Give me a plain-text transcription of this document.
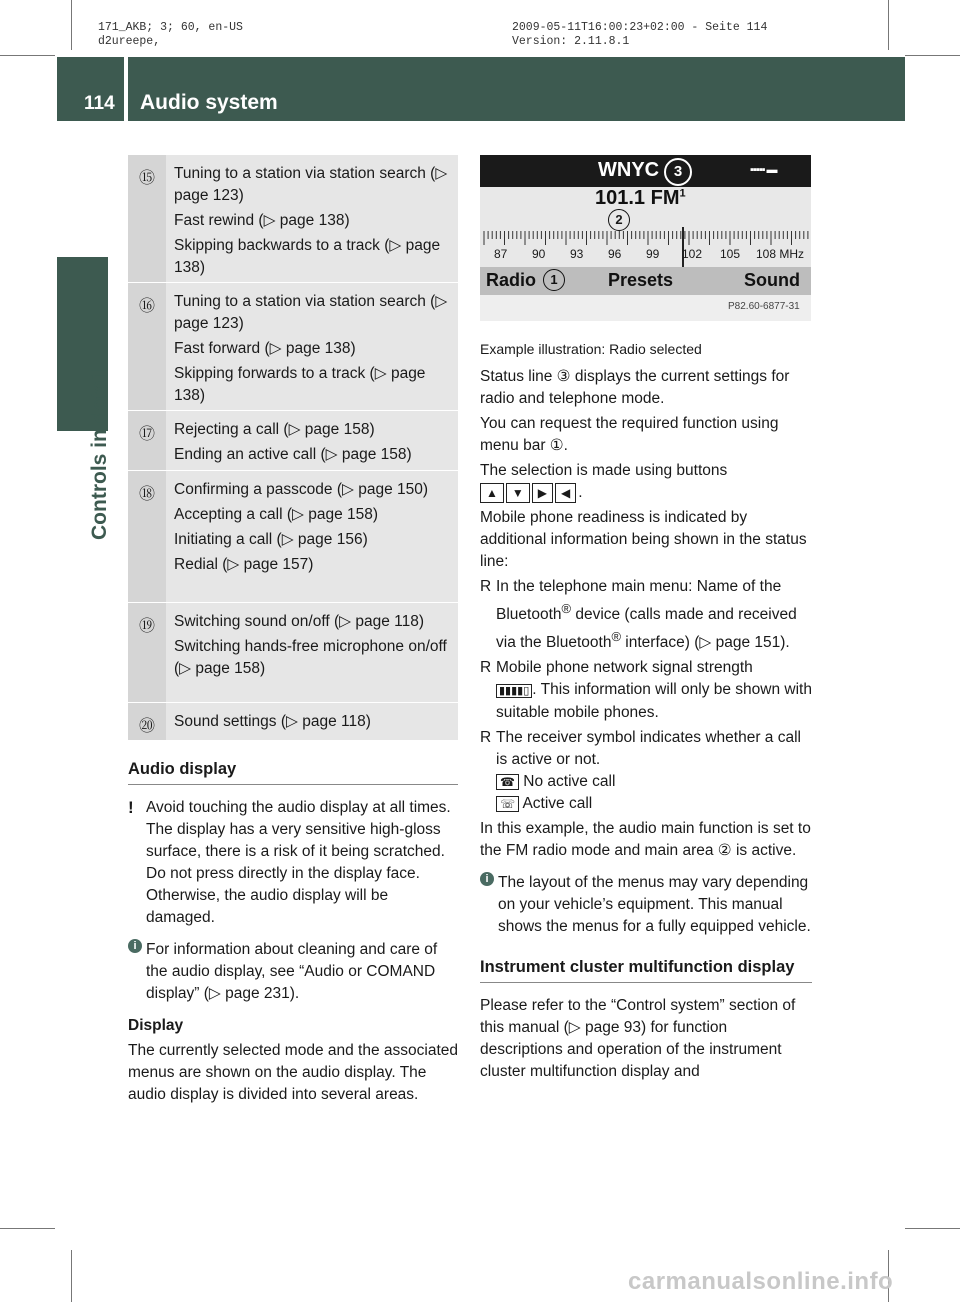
171_AKB; 3; 60, en-US
d2ureepe,
2009-05-11T16:00:23+02:00 - Seite 114
Version: 2.11.8.1
114 Audio system
Controls in detail
⑮	Tuning to a station via station search (▷ page 123)

Fast rewind (▷ page 138)

Skipping backwards to a track (▷ page 138)

⑯	Tuning to a station via station search (▷ page 123)

Fast forward (▷ page 138)

Skipping forwards to a track (▷ page 138)

⑰	Rejecting a call (▷ page 158)

Ending an active call (▷ page 158)

⑱	Confirming a passcode (▷ page 150)

Accepting a call (▷ page 158)

Initiating a call (▷ page 156)

Redial (▷ page 157)

⑲	Switching sound on/off (▷ page 118)

Switching hands-free microphone on/off (▷ page 158)

⑳	Sound settings (▷ page 118)

Audio display
! Avoid touching the audio display at all times. The display has a very sensitive high-gloss surface, there is a risk of it being scratched. Do not press directly in the display face. Otherwise, the audio display will be damaged.
i For information about cleaning and care of the audio display, see “Audio or COMAND display” (▷ page 231).
Display

The currently selected mode and the associated menus are shown on the audio display. The audio display is divided into several areas.

WNYC 3	▪▪▪▪▪ ▬
101.1 $FM^1$
2
87 90 93 96 99 102 105 108 MHz
Radio	1	Presets	Sound
P82.60-6877-31
Example illustration: Radio selected

Status line ③ displays the current settings for radio and telephone mode.

You can request the required function using menu bar ①.

The selection is made using buttons
▲ ▼ ▶ ◀ .

Mobile phone readiness is indicated by additional information being shown in the status line:

R In the telephone main menu: Name of the Bluetooth® device (calls made and received via the Bluetooth® interface) (▷ page 151).
R Mobile phone network signal strength
▮▮▮▮▯ . This information will only be shown with suitable mobile phones.
R The receiver symbol indicates whether a call is active or not.
☎ No active call
☏ Active call

In this example, the audio main function is set to the FM radio mode and main area ② is active.

i The layout of the menus may vary depending on your vehicle’s equipment. This manual shows the menus for a fully equipped vehicle.
Instrument cluster multifunction display

Please refer to the “Control system” section of this manual (▷ page 93) for function descriptions and operation of the instrument cluster multifunction display and

carmanualsonline.info
